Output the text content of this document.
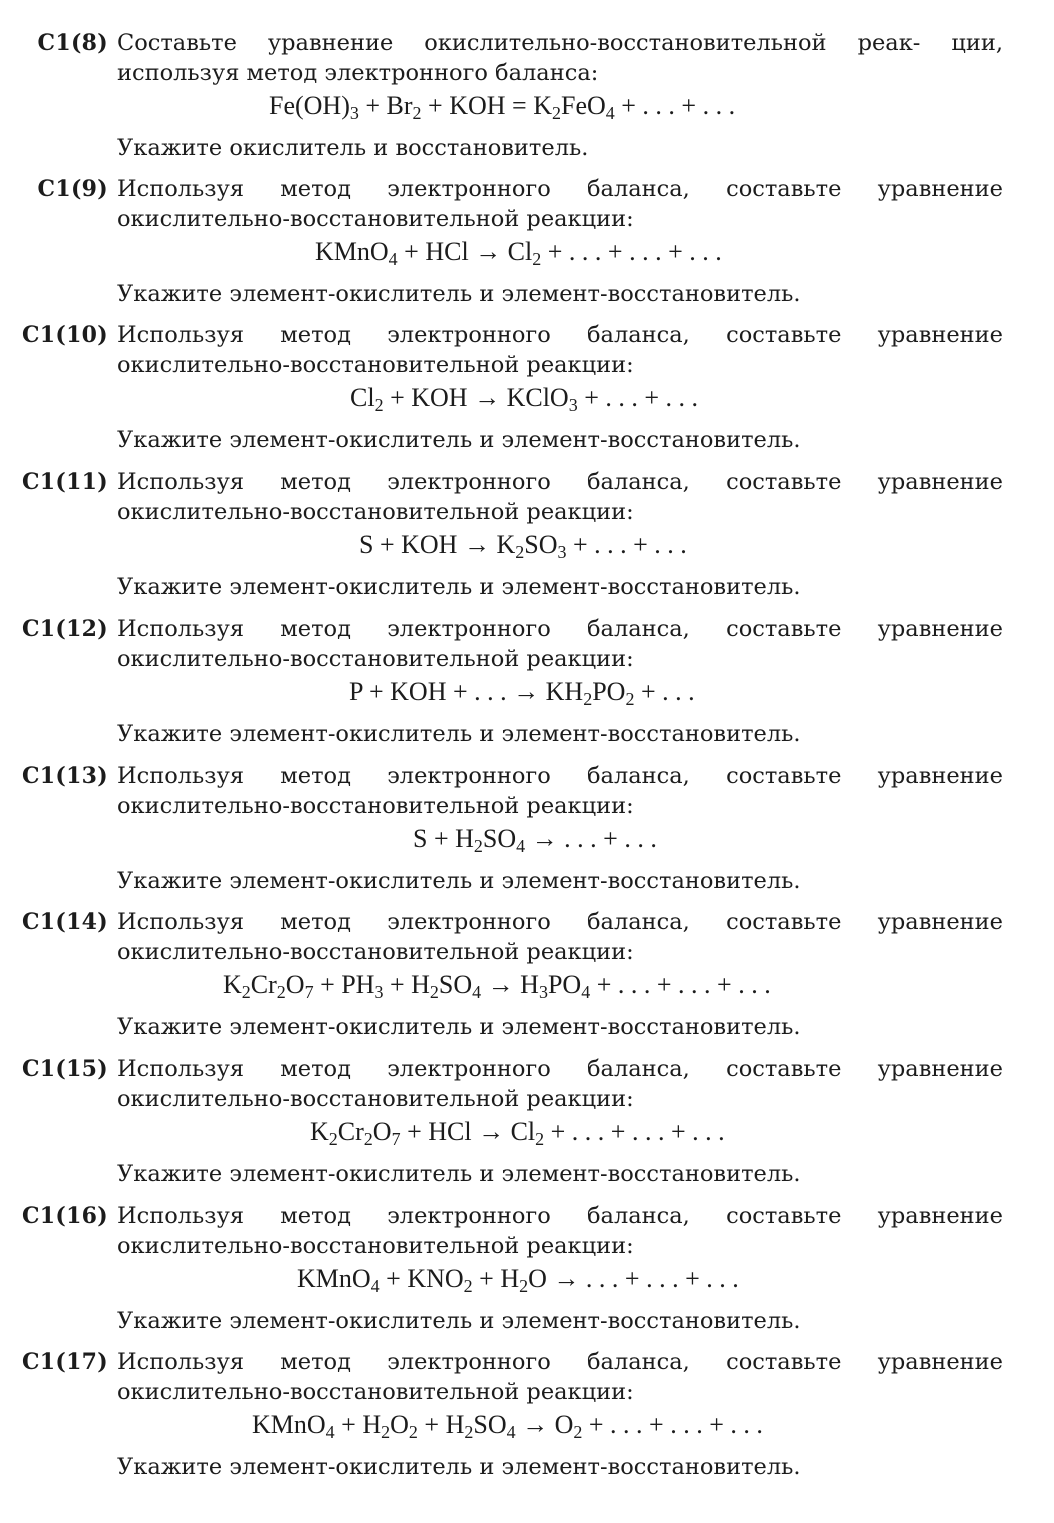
С1(8) Составьте уравнение окислительно-восстановительной реак- ции, используя метод электронного баланса:
$Fe(OH)_3 + Br_2$ + KOH = $K_2FeO_4$ + . . . + . . .
Укажите окислитель и восстановитель.
С1(9) Используя метод электронного баланса, составьте уравнение окислительно-восстановительной реакции:
KMnO$_4$ + HCl → $Cl_2$ + . . . + . . . + . . .
Укажите элемент-окислитель и элемент-восстановитель.
С1(10) Используя метод электронного баланса, составьте уравнение окислительно-восстановительной реакции:
$Cl_2$ + KOH → KClO$_3$ + . . . + . . .
Укажите элемент-окислитель и элемент-восстановитель.
С1(11) Используя метод электронного баланса, составьте уравнение окислительно-восстановительной реакции:
S + KOH → $K_2SO_3$ + . . . + . . .
Укажите элемент-окислитель и элемент-восстановитель.
С1(12) Используя метод электронного баланса, составьте уравнение окислительно-восстановительной реакции:
P + KOH + . . . → $KH_2PO_2$ + . . .
Укажите элемент-окислитель и элемент-восстановитель.
С1(13) Используя метод электронного баланса, составьте уравнение окислительно-восстановительной реакции:
$S + H_2SO_4$ → . . . + . . .
Укажите элемент-окислитель и элемент-восстановитель.
С1(14) Используя метод электронного баланса, составьте уравнение окислительно-восстановительной реакции:
$K_2Cr_2O_7 + PH_3 + H_2SO_4 \to H_3PO_4$ + . . . + . . . + . . .
Укажите элемент-окислитель и элемент-восстановитель.
С1(15) Используя метод электронного баланса, составьте уравнение окислительно-восстановительной реакции:
$K_2Cr_2O_7$ + HCl → $Cl_2$ + . . . + . . . + . . .
Укажите элемент-окислитель и элемент-восстановитель.
С1(16) Используя метод электронного баланса, составьте уравнение окислительно-восстановительной реакции:
KMnO$_4$ + $KNO_2 + H_2O$ → . . . + . . . + . . .
Укажите элемент-окислитель и элемент-восстановитель.
С1(17) Используя метод электронного баланса, составьте уравнение окислительно-восстановительной реакции:
KMnO$_4$ + $H_2O_2 + H_2SO_4 \to O_2$ + . . . + . . . + . . .
Укажите элемент-окислитель и элемент-восстановитель.
